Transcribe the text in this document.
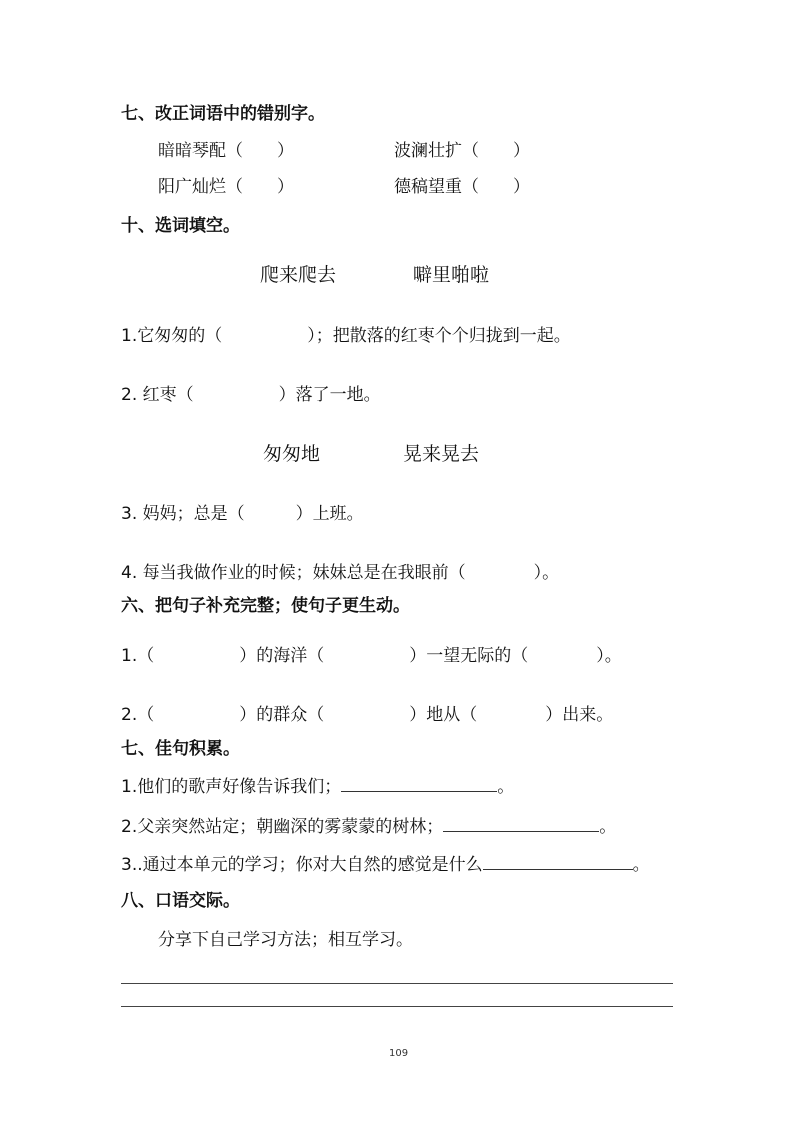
七、改正词语中的错别字。
暗暗琴配（　　）	波澜壮扩（　　）
阳广灿烂（　　）	德稿望重（　　）
十、选词填空。
爬来爬去	噼里啪啦
1.它匆匆的（　　　　　）；把散落的红枣个个归拢到一起。
2. 红枣（　　　　　）落了一地。
匆匆地	晃来晃去
3. 妈妈；总是（　　　）上班。
4. 每当我做作业的时候；妹妹总是在我眼前（　　　　）。
六、把句子补充完整；使句子更生动。
1.（　　　　　）的海洋（　　　　　）一望无际的（　　　　）。
2.（　　　　　）的群众（　　　　　）地从（　　　　）出来。
七、佳句积累。
1.他们的歌声好像告诉我们；	。
2.父亲突然站定；朝幽深的雾蒙蒙的树林；	。
3..通过本单元的学习；你对大自然的感觉是什么	。
八、口语交际。
分享下自己学习方法；相互学习。
109
